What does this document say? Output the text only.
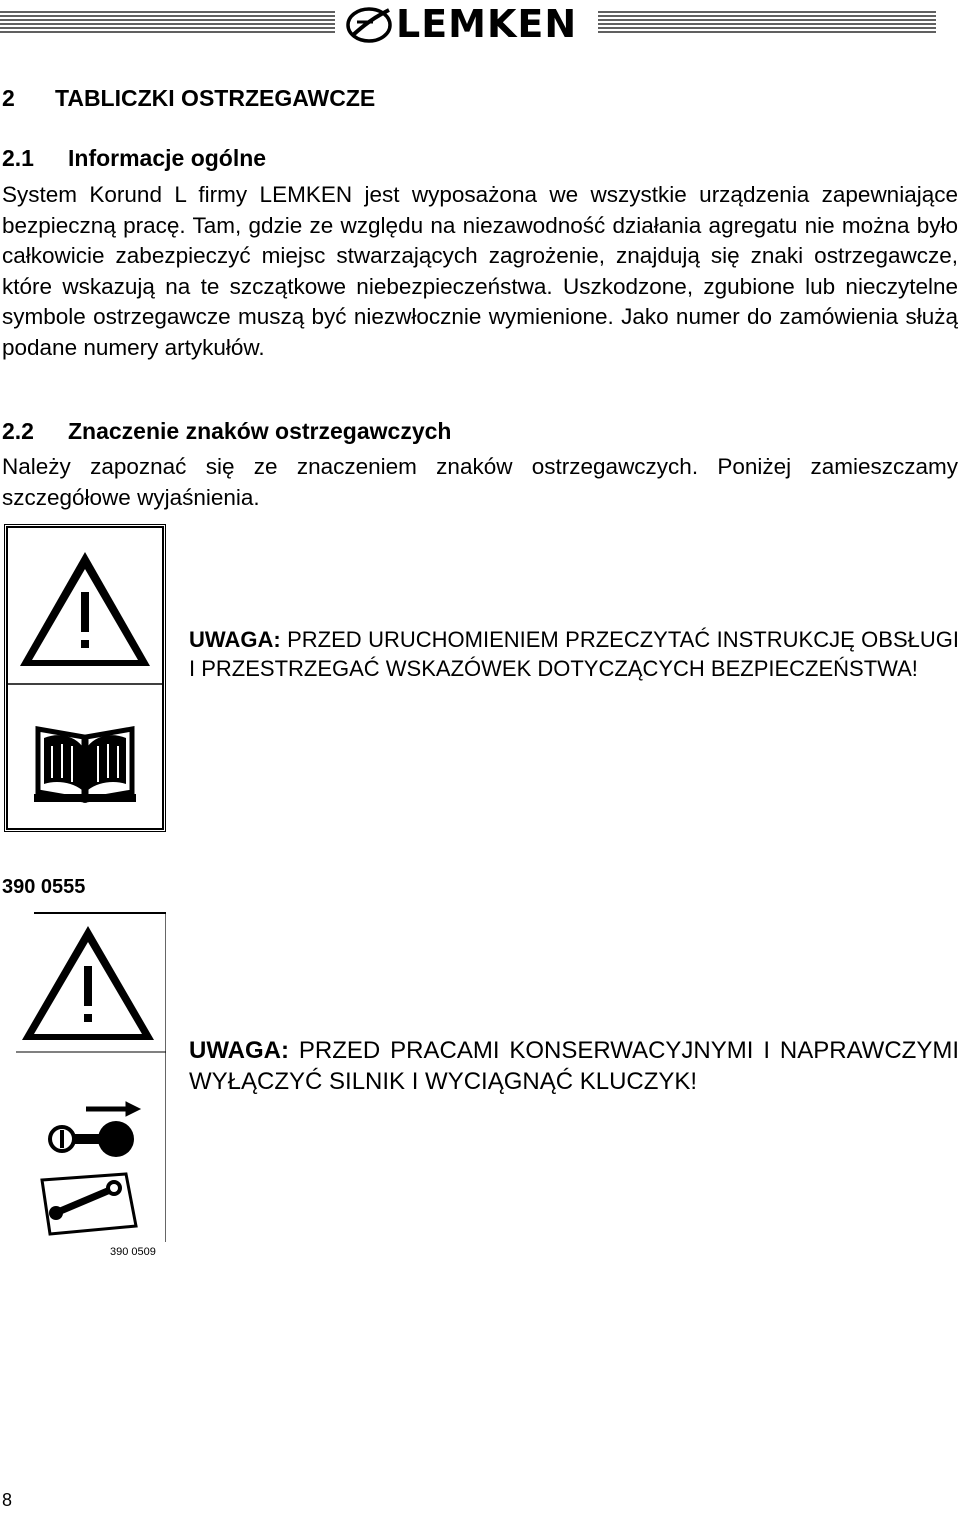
LEMKEN
2 TABLICZKI OSTRZEGAWCZE
2.1 Informacje ogólne
System Korund L firmy LEMKEN jest wyposażona we wszystkie urządzenia zapewniające bezpieczną pracę. Tam, gdzie ze względu na niezawodność działania agregatu nie można było całkowicie zabezpieczyć miejsc stwarzających zagrożenie, znajdują się znaki ostrzegawcze, które wskazują na te szczątkowe niebezpieczeństwa. Uszkodzone, zgubione lub nieczytelne symbole ostrzegawcze muszą być niezwłocznie wymienione. Jako numer do zamówienia służą podane numery artykułów.
2.2 Znaczenie znaków ostrzegawczych
Należy zapoznać się ze znaczeniem znaków ostrzegawczych. Poniżej zamieszczamy szczegółowe wyjaśnienia.
UWAGA: PRZED URUCHOMIENIEM PRZECZYTAĆ INSTRUKCJĘ OBSŁUGI I PRZESTRZEGAĆ WSKAZÓWEK DOTYCZĄCYCH BEZPIECZEŃSTWA!
390 0555
390 0509
UWAGA: PRZED PRACAMI KONSERWACYJNYMI I NAPRAWCZYMI WYŁĄCZYĆ SILNIK I WYCIĄGNĄĆ KLUCZYK!
8
